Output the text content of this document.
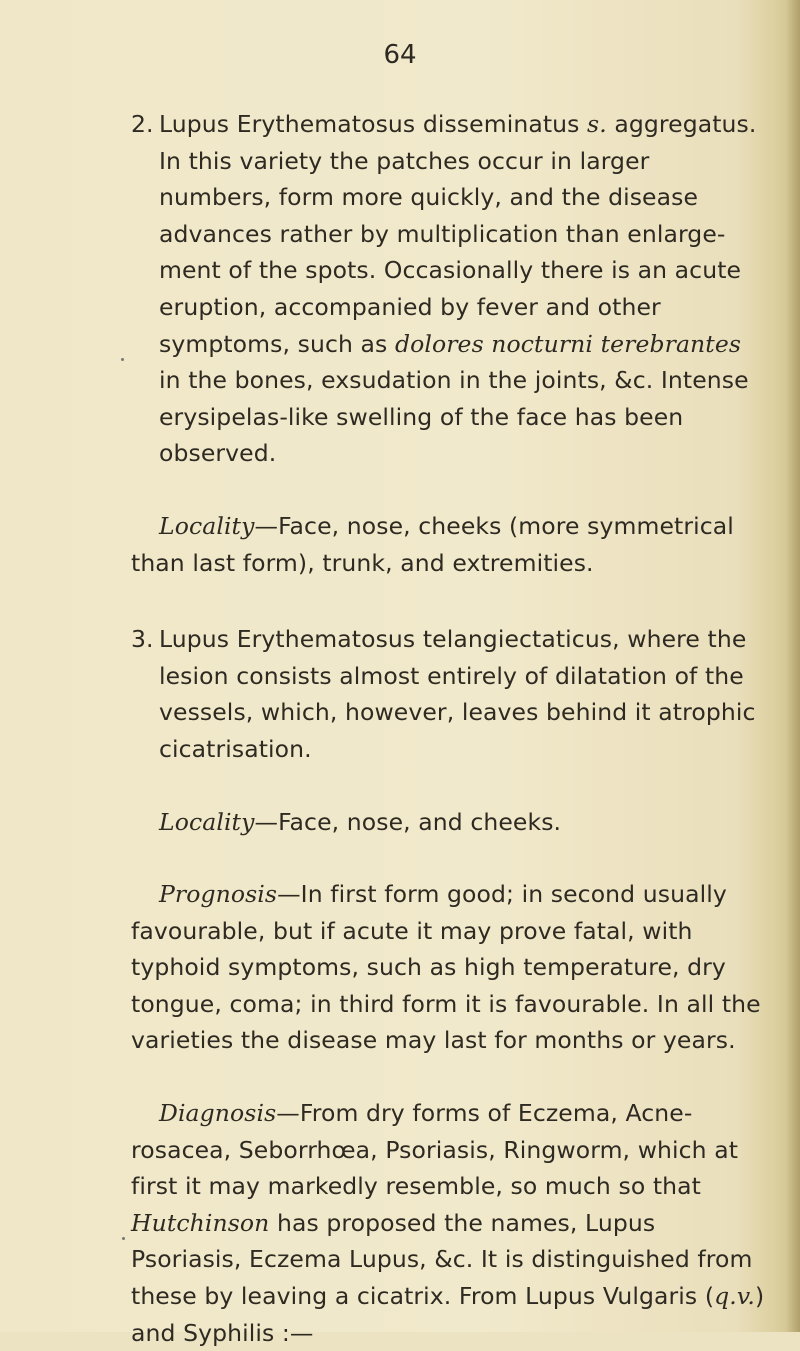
64

2. Lupus Erythematosus disseminatus s. aggregatus. In this variety the patches occur in larger numbers, form more quickly, and the disease advances rather by multiplication than enlarge-ment of the spots. Occasionally there is an acute eruption, accompanied by fever and other symptoms, such as dolores nocturni terebrantes in the bones, exsudation in the joints, &c. Intense erysipelas-like swelling of the face has been observed.

Locality—Face, nose, cheeks (more symmetrical than last form), trunk, and extremities.

3. Lupus Erythematosus telangiectaticus, where the lesion consists almost entirely of dilatation of the vessels, which, however, leaves behind it atrophic cicatrisation.

Locality—Face, nose, and cheeks.

Prognosis—In first form good; in second usually favourable, but if acute it may prove fatal, with typhoid symptoms, such as high temperature, dry tongue, coma; in third form it is favourable. In all the varieties the disease may last for months or years.

Diagnosis—From dry forms of Eczema, Acne-rosacea, Seborrhœa, Psoriasis, Ringworm, which at first it may markedly resemble, so much so that Hutchinson has proposed the names, Lupus Psoriasis, Eczema Lupus, &c. It is distinguished from these by leaving a cicatrix. From Lupus Vulgaris (q.v.) and Syphilis :—
